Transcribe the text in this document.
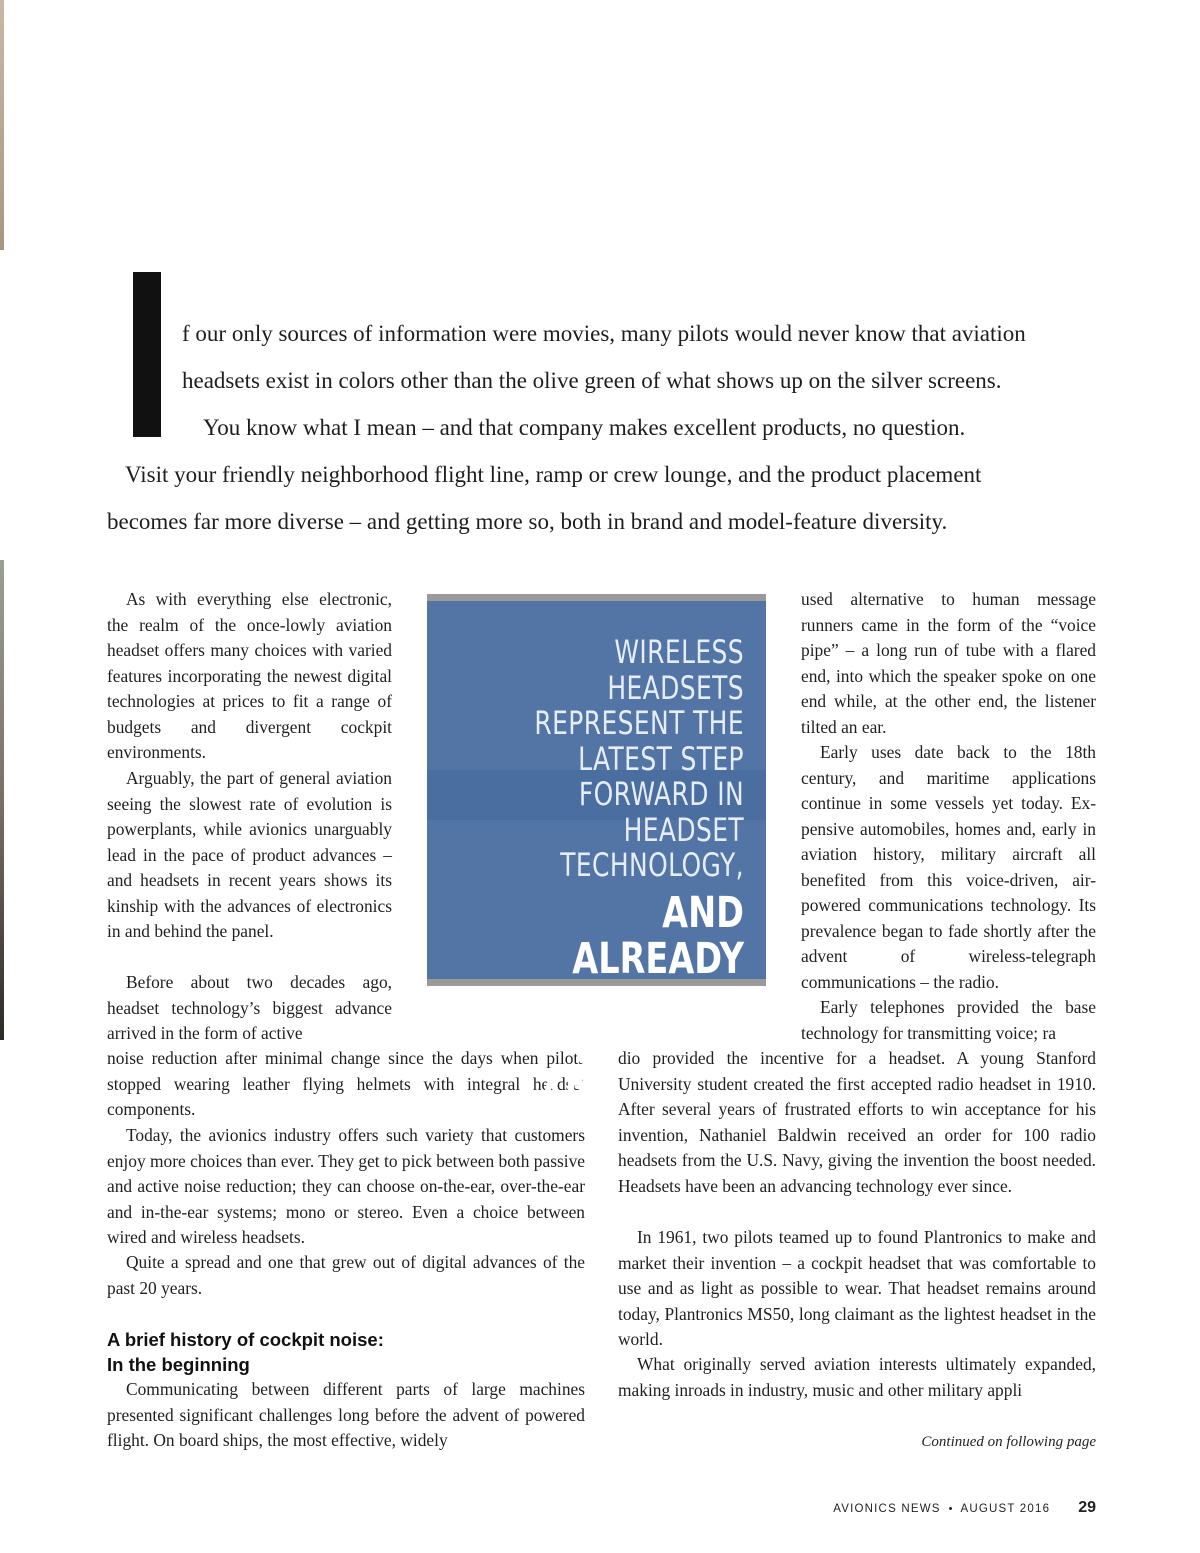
f our only sources of information were movies, many pilots would never know that aviation
headsets exist in colors other than the olive green of what shows up on the silver screens.
You know what I mean – and that company makes excellent products, no question.
Visit your friendly neighborhood flight line, ramp or crew lounge, and the product placement
becomes far more diverse – and getting more so, both in brand and model-feature diversity.

As with everything else electronic, the realm of the once-lowly aviation headset offers many choices with varied features incorporating the newest digital technologies at prices to fit a range of budgets and divergent cockpit environments.

Arguably, the part of general aviation seeing the slowest rate of evolution is powerplants, while avionics unarguably lead in the pace of product advances – and headsets in recent years shows its kinship with the advances of electronics in and behind the panel.

Before about two decades ago, headset technology’s biggest advance arrived in the form of active

noise reduction after minimal change since the days when pilots stopped wearing leather flying helmets with integral headset components.

Today, the avionics industry offers such variety that customers enjoy more choices than ever. They get to pick between both passive and active noise reduction; they can choose on-the-ear, over-the-ear and in-the-ear systems; mono or stereo. Even a choice between wired and wireless headsets.

Quite a spread and one that grew out of digital advances of the past 20 years.

A brief history of cockpit noise:
In the beginning

Communicating between different parts of large machines presented significant challenges long before the advent of powered flight. On board ships, the most effective, widely

WIRELESS HEADSETS
REPRESENT THE
LATEST STEP
FORWARD IN HEADSET
TECHNOLOGY,
AND ALREADY
THE OPTIONS
ARE MANY.

used alternative to human message runners came in the form of the “voice pipe” – a long run of tube with a flared end, into which the speaker spoke on one end while, at the other end, the listener tilted an ear.

Early uses date back to the 18th century, and maritime applications continue in some vessels yet today. Expensive automobiles, homes and, early in aviation history, military aircraft all benefited from this voice-driven, air-powered communications technology. Its prevalence began to fade shortly after the advent of wireless-telegraph communications – the radio.

Early telephones provided the base technology for transmitting voice; ra

dio provided the incentive for a headset. A young Stanford University student created the first accepted radio headset in 1910. After several years of frustrated efforts to win acceptance for his invention, Nathaniel Baldwin received an order for 100 radio headsets from the U.S. Navy, giving the invention the boost needed. Headsets have been an advancing technology ever since.

In 1961, two pilots teamed up to found Plantronics to make and market their invention – a cockpit headset that was comfortable to use and as light as possible to wear. That headset remains around today, Plantronics MS50, long claimant as the lightest headset in the world.

What originally served aviation interests ultimately expanded, making inroads in industry, music and other military appli

Continued on following page
AVIONICS NEWS • AUGUST 2016 29
